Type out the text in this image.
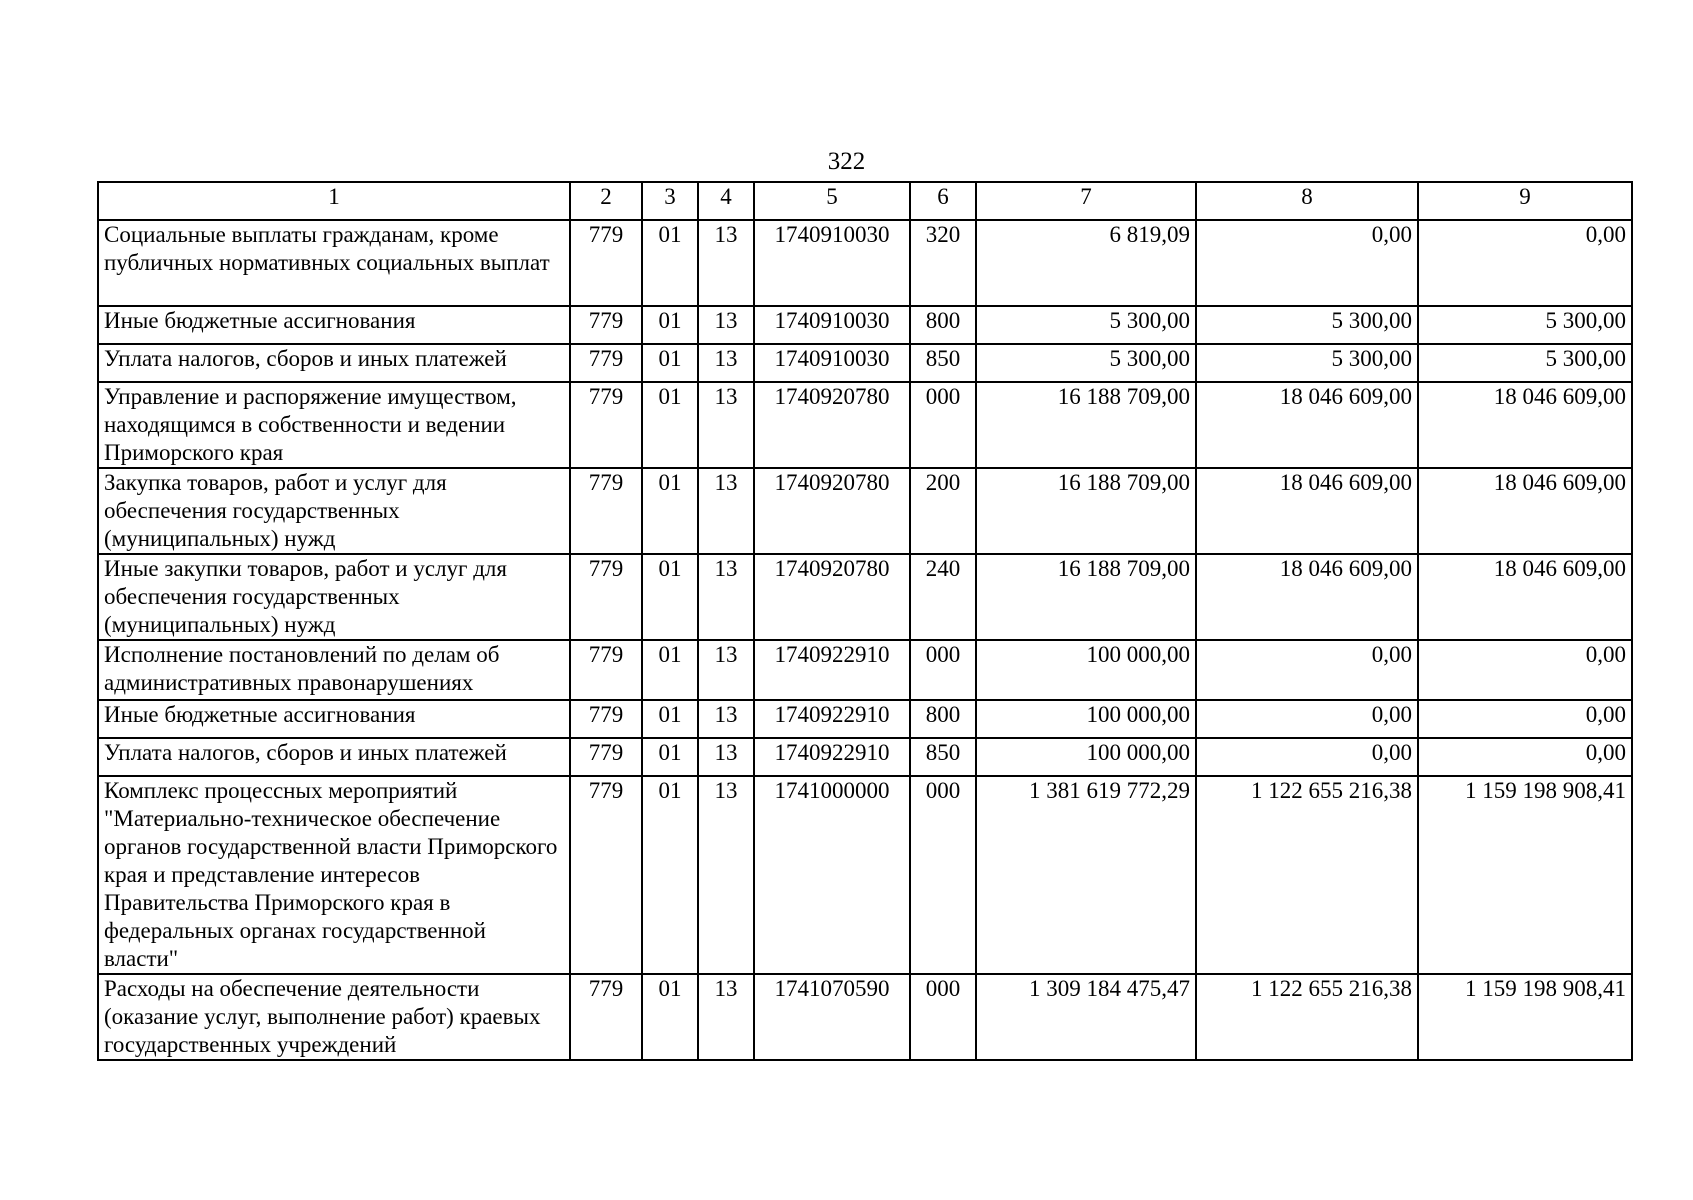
322
1	2	3	4	5	6	7	8	9
Социальные выплаты гражданам, кроме публичных нормативных социальных выплат	779	01	13	1740910030	320	6 819,09	0,00	0,00
Иные бюджетные ассигнования	779	01	13	1740910030	800	5 300,00	5 300,00	5 300,00
Уплата налогов, сборов и иных платежей	779	01	13	1740910030	850	5 300,00	5 300,00	5 300,00
Управление и распоряжение имуществом, находящимся в собственности и ведении Приморского края	779	01	13	1740920780	000	16 188 709,00	18 046 609,00	18 046 609,00
Закупка товаров, работ и услуг для обеспечения государственных (муниципальных) нужд	779	01	13	1740920780	200	16 188 709,00	18 046 609,00	18 046 609,00
Иные закупки товаров, работ и услуг для обеспечения государственных (муниципальных) нужд	779	01	13	1740920780	240	16 188 709,00	18 046 609,00	18 046 609,00
Исполнение постановлений по делам об административных правонарушениях	779	01	13	1740922910	000	100 000,00	0,00	0,00
Иные бюджетные ассигнования	779	01	13	1740922910	800	100 000,00	0,00	0,00
Уплата налогов, сборов и иных платежей	779	01	13	1740922910	850	100 000,00	0,00	0,00
Комплекс процессных мероприятий "Материально-техническое обеспечение органов государственной власти Приморского края и представление интересов Правительства Приморского края в федеральных органах государственной власти"	779	01	13	1741000000	000	1 381 619 772,29	1 122 655 216,38	1 159 198 908,41
Расходы на обеспечение деятельности (оказание услуг, выполнение работ) краевых государственных учреждений	779	01	13	1741070590	000	1 309 184 475,47	1 122 655 216,38	1 159 198 908,41
